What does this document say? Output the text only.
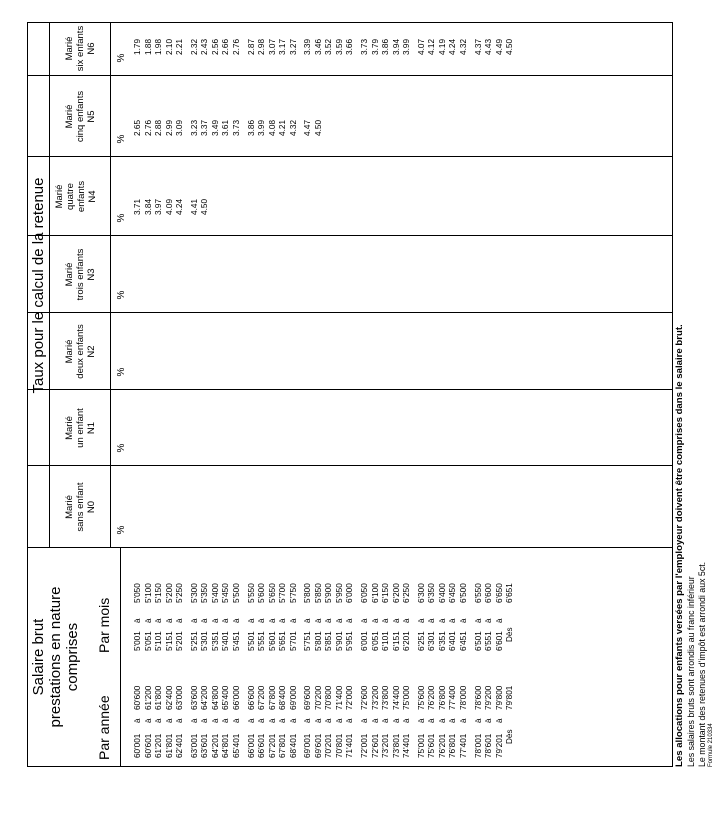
Salaire brut prestations en nature comprises
Par année
Par mois
Taux pour le calcul de la retenue
Marié sans enfant N0
%
Marié un enfant N1
%
Marié deux enfants N2
%
Marié trois enfants N3
%
Marié quatre enfants N4
%
Marié cinq enfants N5
%
Marié six enfants N6
%
60'001
à
60'600
5'001
à
5'050
3.71
2.65
1.79
60'601
à
61'200
5'051
à
5'100
3.84
2.76
1.88
61'201
à
61'800
5'101
à
5'150
3.97
2.88
1.98
61'801
à
62'400
5'151
à
5'200
4.09
2.99
2.10
62'401
à
63'000
5'201
à
5'250
4.24
3.09
2.21
63'001
à
63'600
5'251
à
5'300
4.41
3.23
2.32
63'601
à
64'200
5'301
à
5'350
4.50
3.37
2.43
64'201
à
64'800
5'351
à
5'400
3.49
2.56
64'801
à
65'400
5'401
à
5'450
3.61
2.66
65'401
à
66'000
5'451
à
5'500
3.73
2.76
66'001
à
66'600
5'501
à
5'550
3.86
2.87
66'601
à
67'200
5'551
à
5'600
3.99
2.98
67'201
à
67'800
5'601
à
5'650
4.08
3.07
67'801
à
68'400
5'651
à
5'700
4.21
3.17
68'401
à
69'000
5'701
à
5'750
4.32
3.27
69'001
à
69'600
5'751
à
5'800
4.47
3.39
69'601
à
70'200
5'801
à
5'850
4.50
3.46
70'201
à
70'800
5'851
à
5'900
3.52
70'801
à
71'400
5'901
à
5'950
3.59
71'401
à
72'000
5'951
à
6'000
3.66
72'001
à
72'600
6'001
à
6'050
3.73
72'601
à
73'200
6'051
à
6'100
3.79
73'201
à
73'800
6'101
à
6'150
3.86
73'801
à
74'400
6'151
à
6'200
3.94
74'401
à
75'000
6'201
à
6'250
3.99
75'001
à
75'600
6'251
à
6'300
4.07
75'601
à
76'200
6'301
à
6'350
4.12
76'201
à
76'800
6'351
à
6'400
4.19
76'801
à
77'400
6'401
à
6'450
4.24
77'401
à
78'000
6'451
à
6'500
4.32
78'001
à
78'600
6'501
à
6'550
4.37
78'601
à
79'200
6'551
à
6'600
4.43
79'201
à
79'800
6'601
à
6'650
4.49
Dès
79'801
Dès
6'651
4.50
Les allocations pour enfants versées par l'employeur doivent être comprises dans le salaire brut. Les salaires bruts sont arrondis au franc inférieur Le montant des retenues d'impôt est arrondi aux 5ct. Formule 210334
